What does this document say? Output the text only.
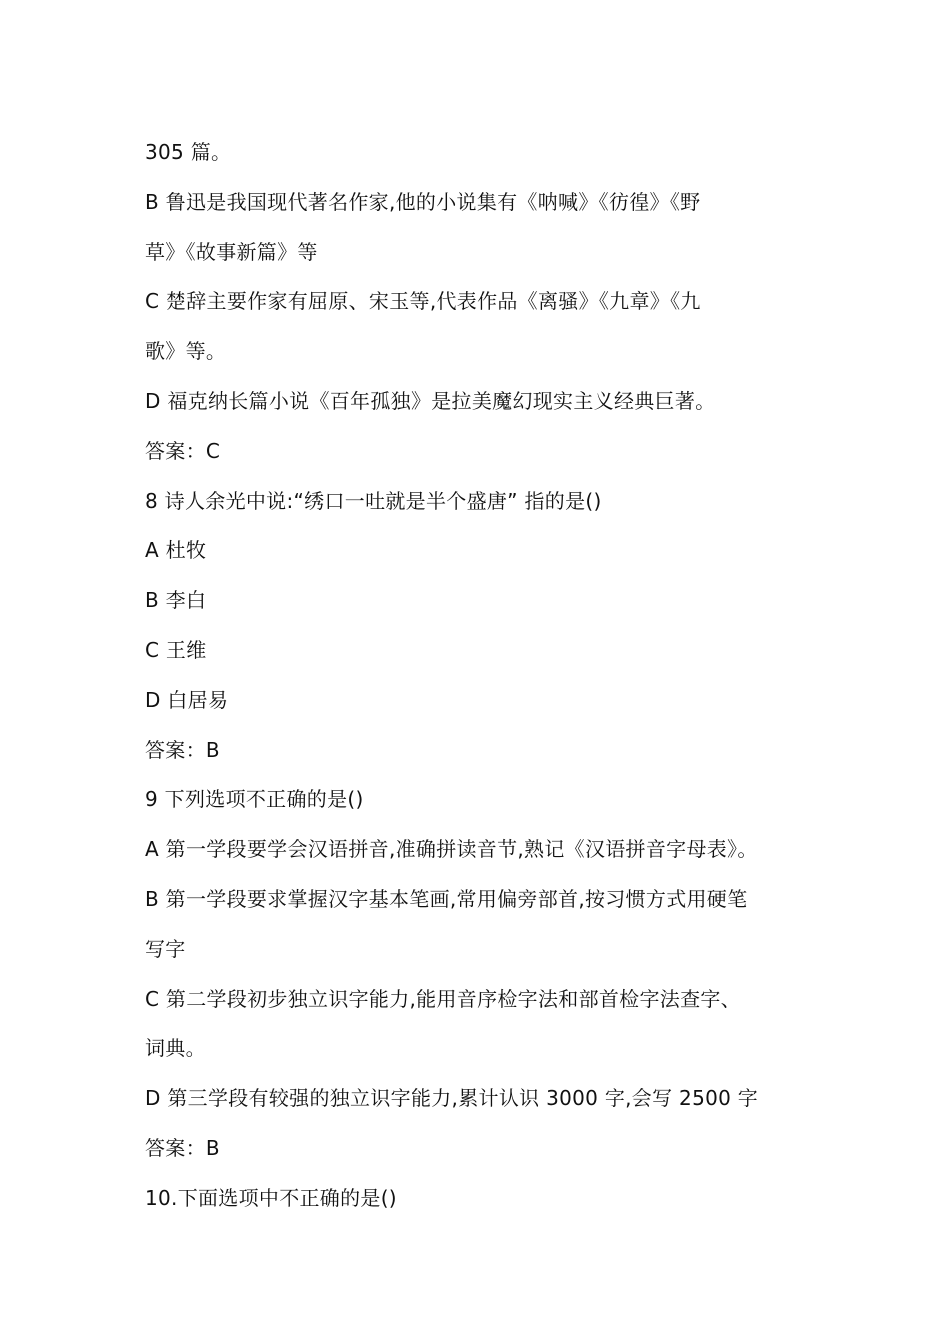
305 篇。
B 鲁迅是我国现代著名作家,他的小说集有《呐喊》《彷徨》《野
草》《故事新篇》等
C 楚辞主要作家有屈原、宋玉等,代表作品《离骚》《九章》《九
歌》等。
D 福克纳长篇小说《百年孤独》是拉美魔幻现实主义经典巨著。
答案：C
8 诗人余光中说:“绣口一吐就是半个盛唐” 指的是()
A 杜牧
B 李白
C 王维
D 白居易
答案：B
9 下列选项不正确的是()
A 第一学段要学会汉语拼音,准确拼读音节,熟记《汉语拼音字母表》。
B 第一学段要求掌握汉字基本笔画,常用偏旁部首,按习惯方式用硬笔
写字
C 第二学段初步独立识字能力,能用音序检字法和部首检字法查字、
词典。
D 第三学段有较强的独立识字能力,累计认识 3000 字,会写 2500 字
答案：B
10.下面选项中不正确的是()
